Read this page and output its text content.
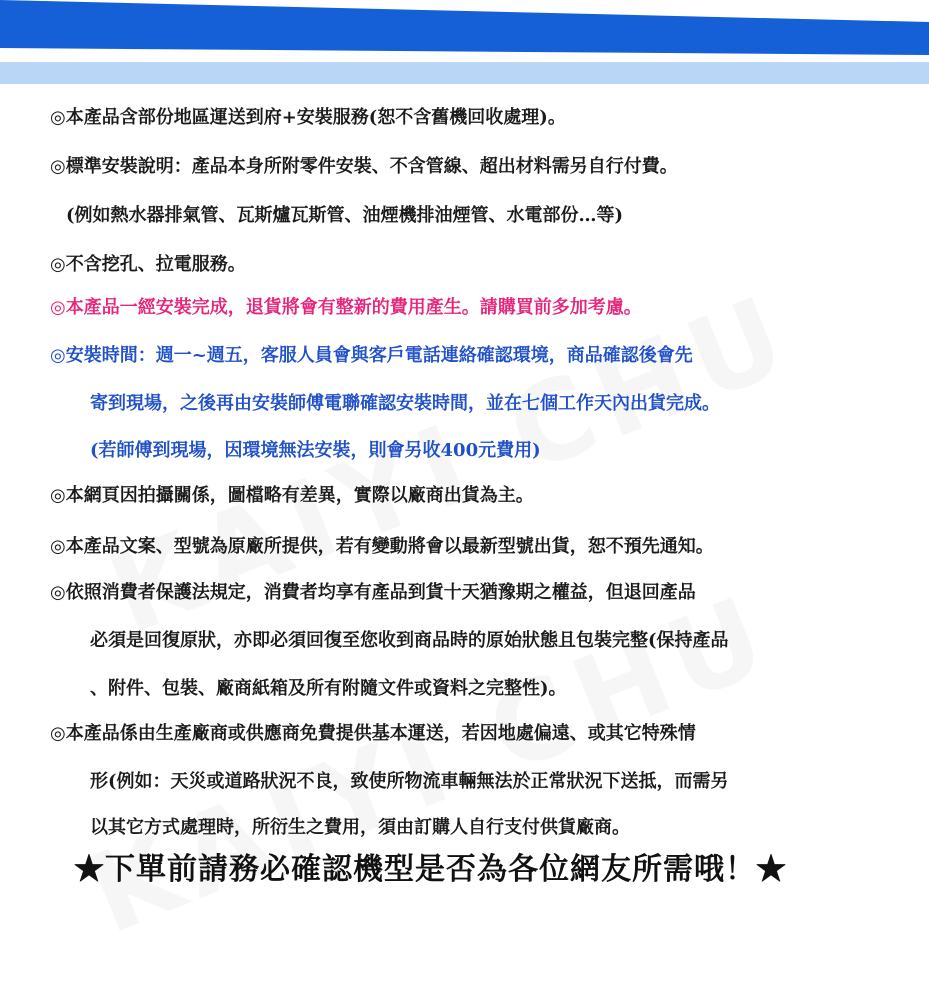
◎本產品含部份地區運送到府+安裝服務(恕不含舊機回收處理)。
◎標準安裝說明：產品本身所附零件安裝、不含管線、超出材料需另自行付費。
(例如熱水器排氣管、瓦斯爐瓦斯管、油煙機排油煙管、水電部份…等)
◎不含挖孔、拉電服務。
◎本產品一經安裝完成，退貨將會有整新的費用產生。請購買前多加考慮。
◎安裝時間：週一~週五，客服人員會與客戶電話連絡確認環境，商品確認後會先
寄到現場，之後再由安裝師傅電聯確認安裝時間，並在七個工作天內出貨完成。
(若師傅到現場，因環境無法安裝，則會另收400元費用)
◎本網頁因拍攝關係，圖檔略有差異，實際以廠商出貨為主。
◎本產品文案、型號為原廠所提供，若有變動將會以最新型號出貨，恕不預先通知。
◎依照消費者保護法規定，消費者均享有產品到貨十天猶豫期之權益，但退回產品
必須是回復原狀，亦即必須回復至您收到商品時的原始狀態且包裝完整(保持產品
、附件、包裝、廠商紙箱及所有附隨文件或資料之完整性)。
◎本產品係由生產廠商或供應商免費提供基本運送，若因地處偏遠、或其它特殊情
形(例如：天災或道路狀況不良，致使所物流車輛無法於正常狀況下送抵，而需另
以其它方式處理時，所衍生之費用，須由訂購人自行支付供貨廠商。
★下單前請務必確認機型是否為各位網友所需哦！★
